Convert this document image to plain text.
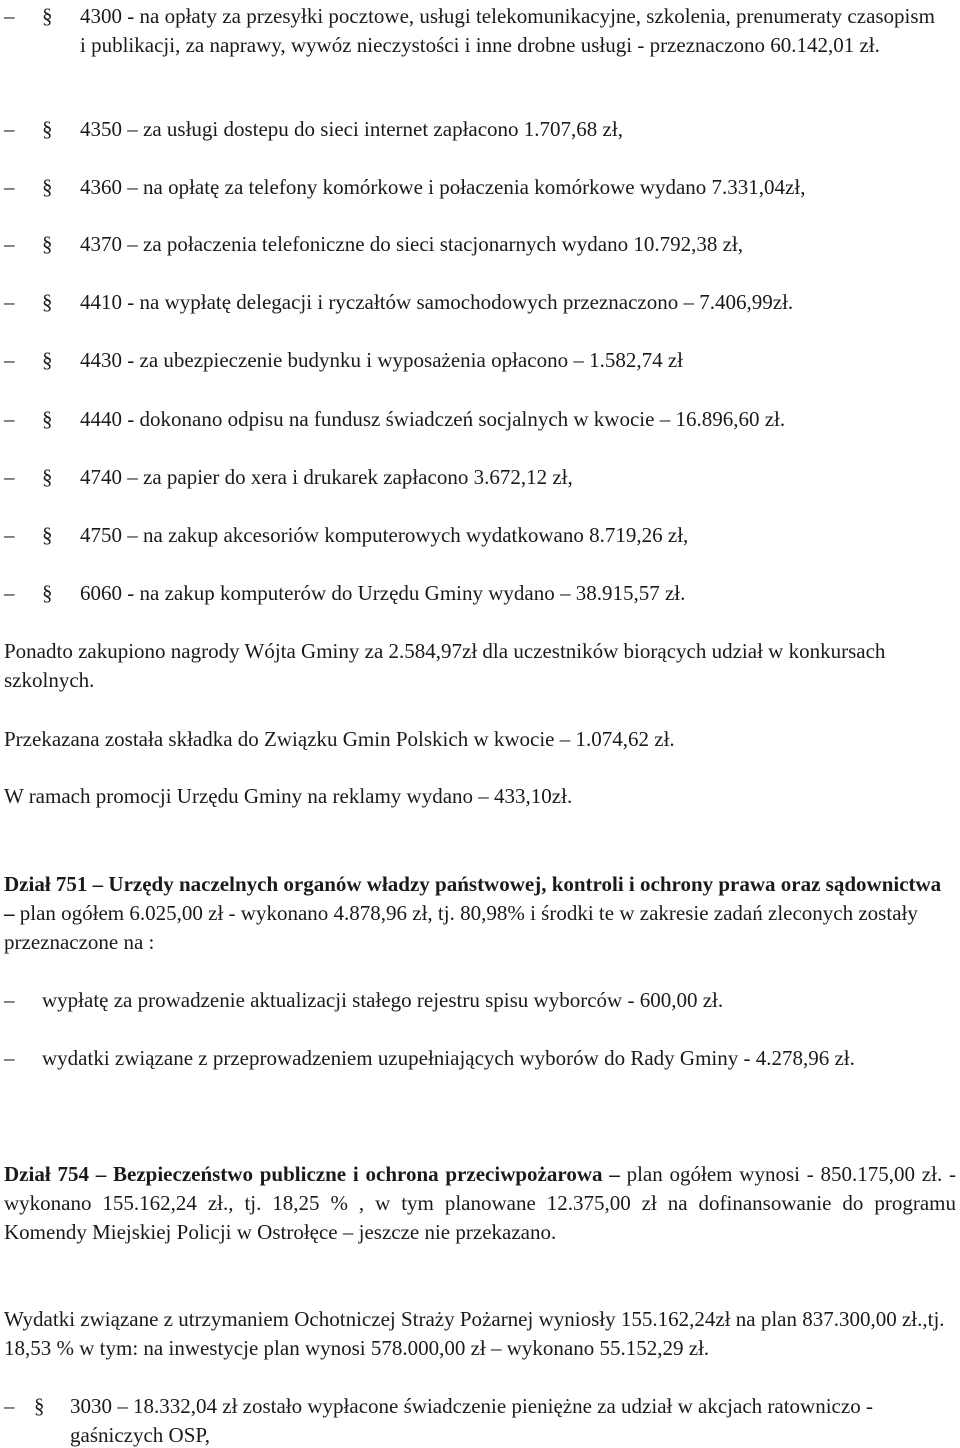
–	§	4300 - na opłaty za przesyłki pocztowe, usługi telekomunikacyjne, szkolenia, prenumeraty czasopism i publikacji, za naprawy, wywóz nieczystości i inne drobne usługi - przeznaczono 60.142,01 zł.
–	§	4350 – za usługi dostepu do sieci internet zapłacono 1.707,68 zł,
–	§	4360 – na opłatę za telefony komórkowe i połaczenia komórkowe wydano 7.331,04zł,
–	§	4370 – za połaczenia telefoniczne do sieci stacjonarnych wydano 10.792,38 zł,
–	§	4410 - na wypłatę delegacji i ryczałtów samochodowych przeznaczono – 7.406,99zł.
–	§	4430 - za ubezpieczenie budynku i wyposażenia opłacono – 1.582,74 zł
–	§	4440 - dokonano odpisu na fundusz świadczeń socjalnych w kwocie – 16.896,60 zł.
–	§	4740 – za papier do xera i drukarek zapłacono 3.672,12 zł,
–	§	4750 – na zakup akcesoriów komputerowych wydatkowano 8.719,26 zł,
–	§	6060 - na zakup komputerów do Urzędu Gminy wydano – 38.915,57 zł.

Ponadto zakupiono nagrody Wójta Gminy za 2.584,97zł dla uczestników biorących udział w konkursach szkolnych.

Przekazana została składka do Związku Gmin Polskich w kwocie – 1.074,62 zł.

W ramach promocji Urzędu Gminy na reklamy wydano – 433,10zł.

Dział 751 – Urzędy naczelnych organów władzy państwowej, kontroli i ochrony prawa oraz sądownictwa – plan ogółem 6.025,00 zł - wykonano 4.878,96 zł, tj. 80,98% i środki te w zakresie zadań zleconych zostały przeznaczone na :

–	wypłatę za prowadzenie aktualizacji stałego rejestru spisu wyborców - 600,00 zł.
–	wydatki związane z przeprowadzeniem uzupełniających wyborów do Rady Gminy - 4.278,96 zł.

Dział 754 – Bezpieczeństwo publiczne i ochrona przeciwpożarowa – plan ogółem wynosi - 850.175,00 zł. - wykonano 155.162,24 zł., tj. 18,25 % , w tym planowane 12.375,00 zł na dofinansowanie do programu Komendy Miejskiej Policji w Ostrołęce – jeszcze nie przekazano.

Wydatki związane z utrzymaniem Ochotniczej Straży Pożarnej wyniosły 155.162,24zł na plan 837.300,00 zł.,tj. 18,53 % w tym: na inwestycje plan wynosi 578.000,00 zł – wykonano 55.152,29 zł.

– § 3030 – 18.332,04 zł zostało wypłacone świadczenie pieniężne za udział w akcjach ratowniczo - gaśniczych OSP,
